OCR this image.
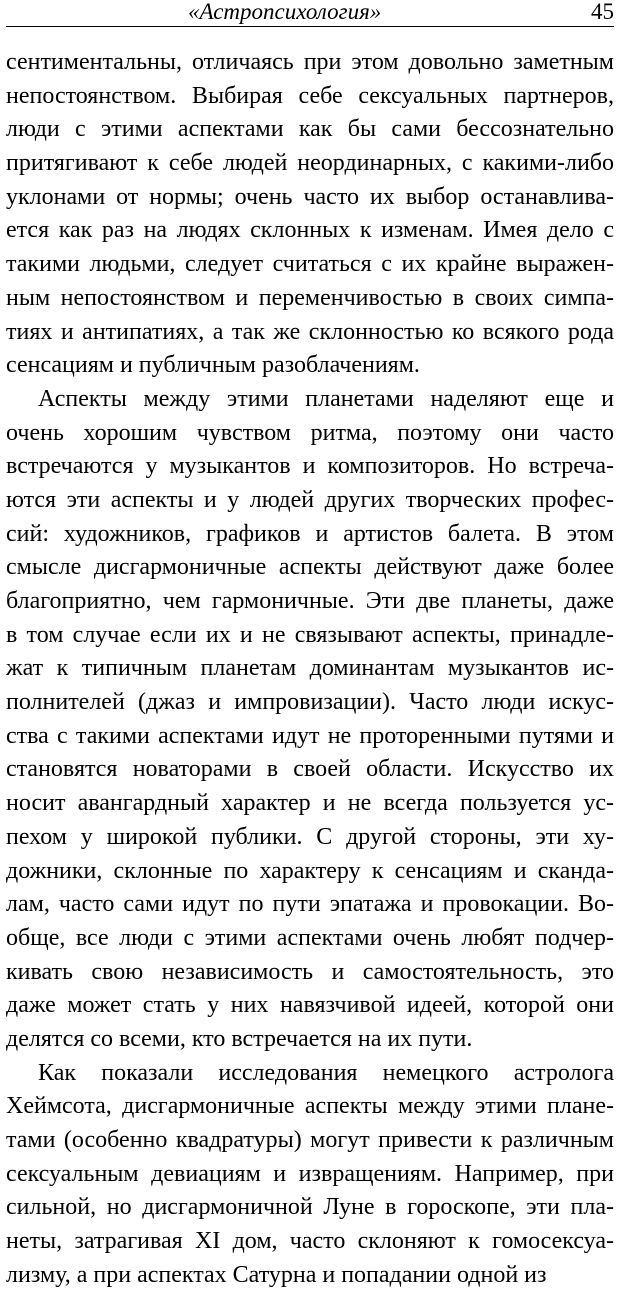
«Астропсихология»	45
сентиментальны, отличаясь при этом довольно заметным
непостоянством. Выбирая себе сексуальных партнеров,
люди с этими аспектами как бы сами бессознательно
притягивают к себе людей неординарных, с какими-либо
уклонами от нормы; очень часто их выбор останавлива-
ется как раз на людях склонных к изменам. Имея дело с
такими людьми, следует считаться с их крайне выражен-
ным непостоянством и переменчивостью в своих симпа-
тиях и антипатиях, а так же склонностью ко всякого рода
сенсациям и публичным разоблачениям.
Аспекты между этими планетами наделяют еще и
очень хорошим чувством ритма, поэтому они часто
встречаются у музыкантов и композиторов. Но встреча-
ются эти аспекты и у людей других творческих профес-
сий: художников, графиков и артистов балета. В этом
смысле дисгармоничные аспекты действуют даже более
благоприятно, чем гармоничные. Эти две планеты, даже
в том случае если их и не связывают аспекты, принадле-
жат к типичным планетам доминантам музыкантов ис-
полнителей (джаз и импровизации). Часто люди искус-
ства с такими аспектами идут не проторенными путями и
становятся новаторами в своей области. Искусство их
носит авангардный характер и не всегда пользуется ус-
пехом у широкой публики. С другой стороны, эти ху-
дожники, склонные по характеру к сенсациям и сканда-
лам, часто сами идут по пути эпатажа и провокации. Во-
обще, все люди с этими аспектами очень любят подчер-
кивать свою независимость и самостоятельность, это
даже может стать у них навязчивой идеей, которой они
делятся со всеми, кто встречается на их пути.
Как показали исследования немецкого астролога
Хеймсота, дисгармоничные аспекты между этими плане-
тами (особенно квадратуры) могут привести к различным
сексуальным девиациям и извращениям. Например, при
сильной, но дисгармоничной Луне в гороскопе, эти пла-
неты, затрагивая XI дом, часто склоняют к гомосексуа-
лизму, а при аспектах Сатурна и попадании одной из
